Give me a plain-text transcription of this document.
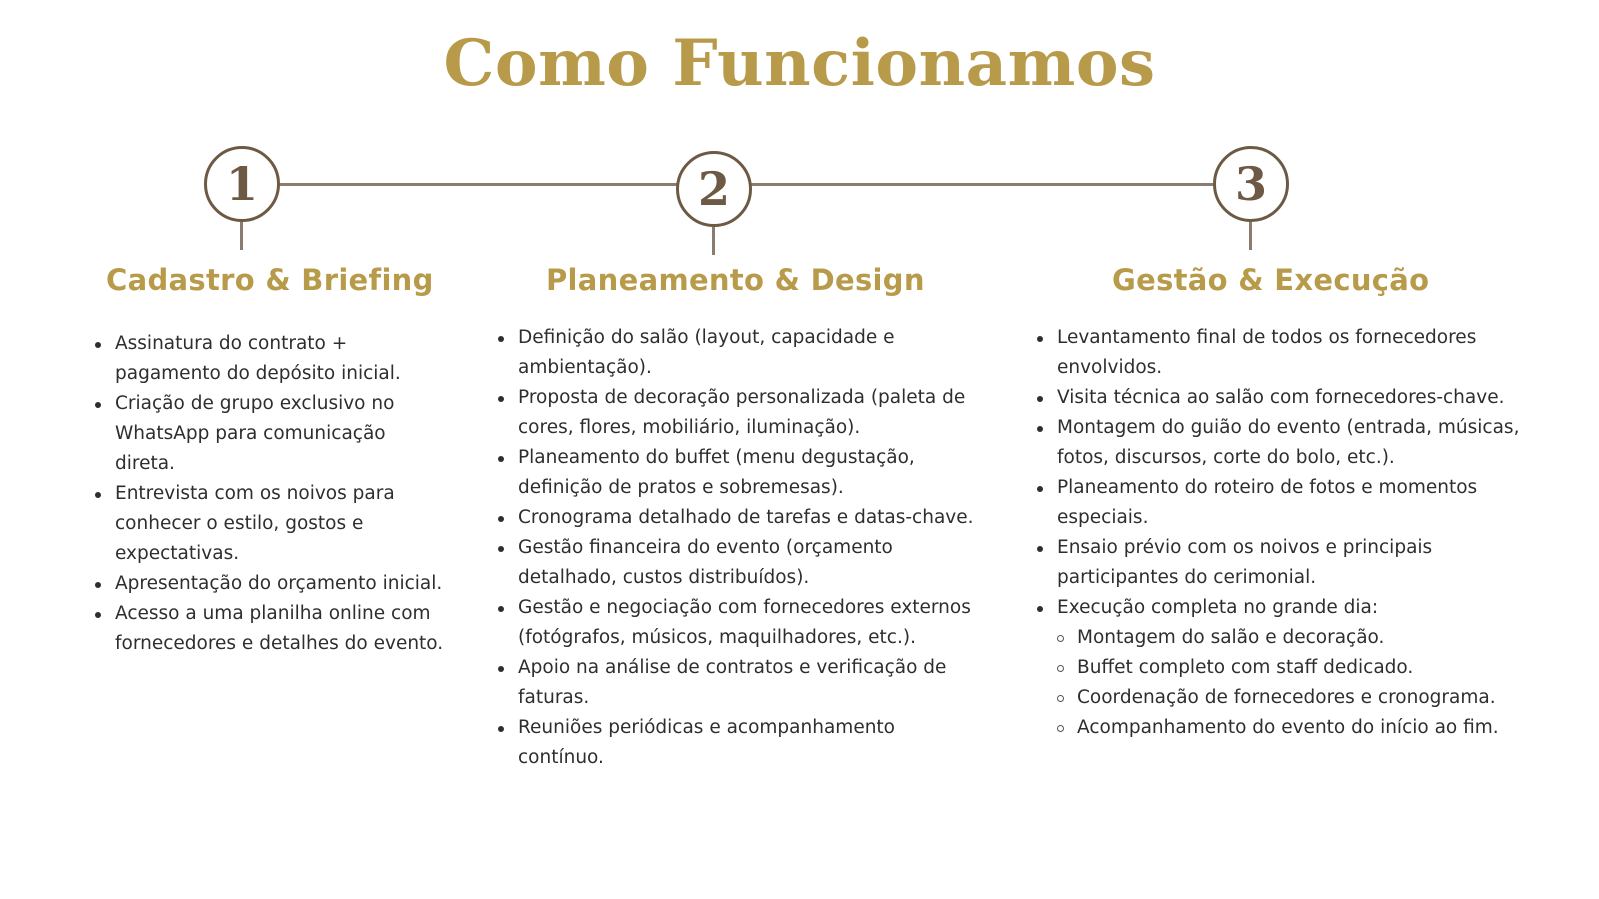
Como Funcionamos
1	2	3
Cadastro & Briefing	Planeamento & Design	Gestão & Execução
Assinatura do contrato + pagamento do depósito inicial.
Criação de grupo exclusivo no WhatsApp para comunicação direta.
Entrevista com os noivos para conhecer o estilo, gostos e expectativas.
Apresentação do orçamento inicial.
Acesso a uma planilha online com fornecedores e detalhes do evento.
Definição do salão (layout, capacidade e ambientação).
Proposta de decoração personalizada (paleta de cores, flores, mobiliário, iluminação).
Planeamento do buffet (menu degustação, definição de pratos e sobremesas).
Cronograma detalhado de tarefas e datas-chave.
Gestão financeira do evento (orçamento detalhado, custos distribuídos).
Gestão e negociação com fornecedores externos (fotógrafos, músicos, maquilhadores, etc.).
Apoio na análise de contratos e verificação de faturas.
Reuniões periódicas e acompanhamento contínuo.
Levantamento final de todos os fornecedores envolvidos.
Visita técnica ao salão com fornecedores-chave.
Montagem do guião do evento (entrada, músicas, fotos, discursos, corte do bolo, etc.).
Planeamento do roteiro de fotos e momentos especiais.
Ensaio prévio com os noivos e principais participantes do cerimonial.
Execução completa no grande dia:
Montagem do salão e decoração.
Buffet completo com staff dedicado.
Coordenação de fornecedores e cronograma.
Acompanhamento do evento do início ao fim.
